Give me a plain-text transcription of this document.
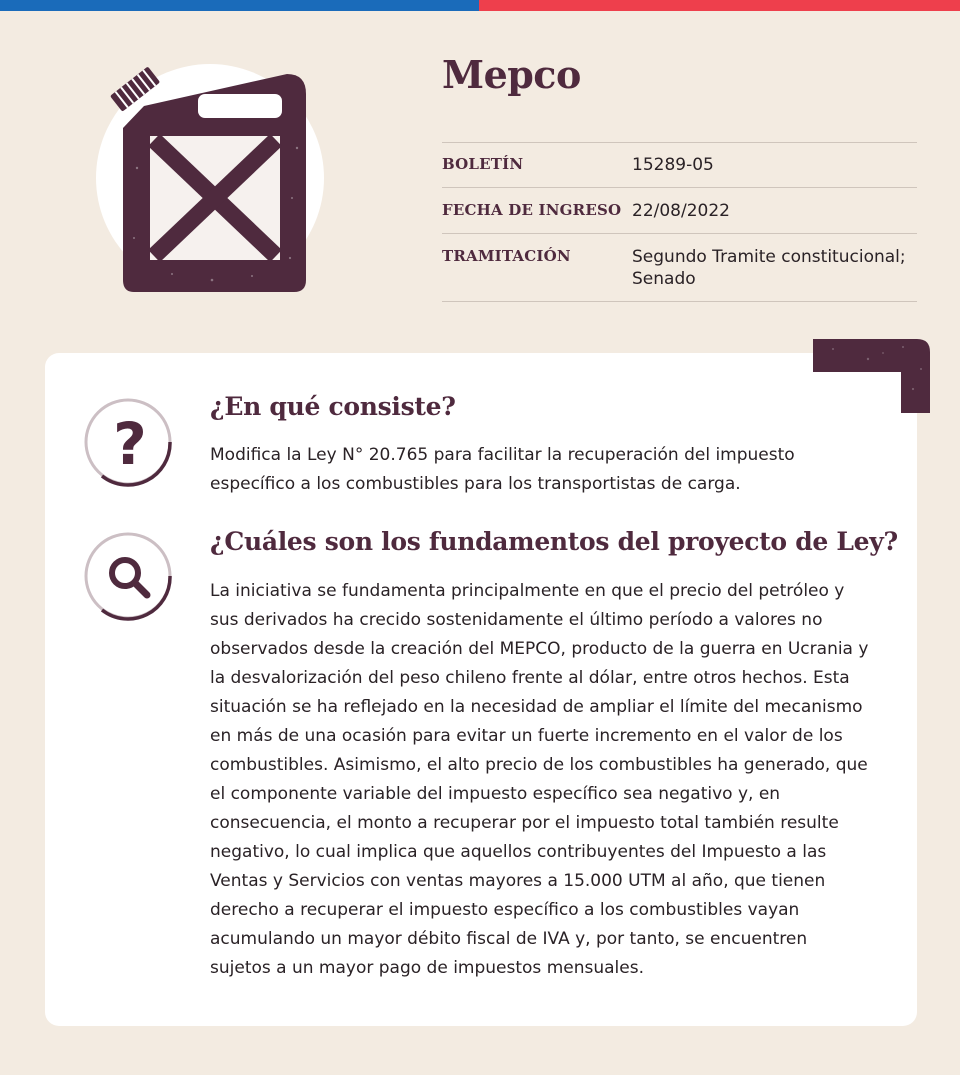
Mepco
BOLETÍN	15289-05
FECHA DE INGRESO 22/08/2022
TRAMITACIÓN	Segundo Tramite constitucional; Senado
?
¿En qué consiste?

Modifica la Ley N° 20.765 para facilitar la recuperación del impuesto específico a los combustibles para los transportistas de carga.

¿Cuáles son los fundamentos del proyecto de Ley?

La iniciativa se fundamenta principalmente en que el precio del petróleo y sus derivados ha crecido sostenidamente el último período a valores no observados desde la creación del MEPCO, producto de la guerra en Ucrania y la desvalorización del peso chileno frente al dólar, entre otros hechos. Esta situación se ha reflejado en la necesidad de ampliar el límite del mecanismo en más de una ocasión para evitar un fuerte incremento en el valor de los combustibles. Asimismo, el alto precio de los combustibles ha generado, que el componente variable del impuesto específico sea negativo y, en consecuencia, el monto a recuperar por el impuesto total también resulte negativo, lo cual implica que aquellos contribuyentes del Impuesto a las Ventas y Servicios con ventas mayores a 15.000 UTM al año, que tienen derecho a recuperar el impuesto específico a los combustibles vayan acumulando un mayor débito fiscal de IVA y, por tanto, se encuentren sujetos a un mayor pago de impuestos mensuales.
